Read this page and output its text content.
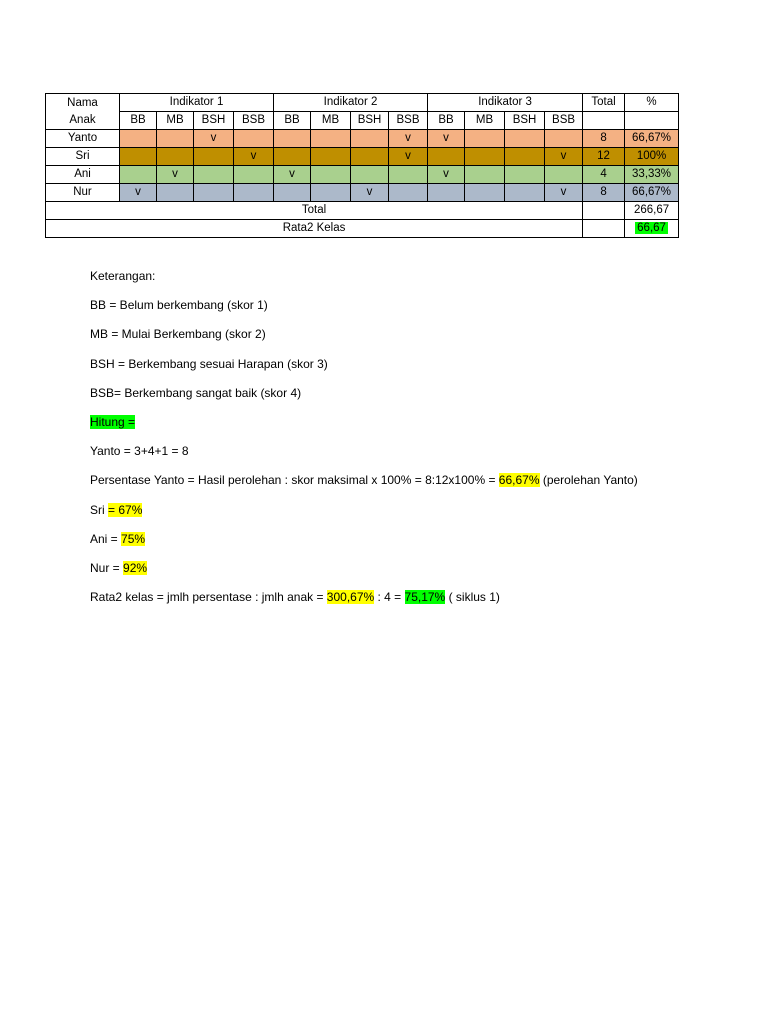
Nama
Anak	Indikator 1				Indikator 2				Indikator 3				Total	%
	BB	MB	BSH	BSB	BB	MB	BSH	BSB	BB	MB	BSH	BSB		
Yanto			v					v	v				8	66,67%
Sri				v				v				v	12	100%
Ani		v			v				v				4	33,33%
Nur	v						v					v	8	66,67%
Total														266,67
Rata2 Kelas														66,67

Keterangan:

BB = Belum berkembang (skor 1)

MB = Mulai Berkembang (skor 2)

BSH = Berkembang sesuai Harapan (skor 3)

BSB= Berkembang sangat baik (skor 4)

Hitung =

Yanto = 3+4+1 = 8

Persentase Yanto = Hasil perolehan : skor maksimal x 100% = 8:12x100% = 66,67% (perolehan Yanto)

Sri = 67%

Ani = 75%

Nur = 92%

Rata2 kelas = jmlh persentase : jmlh anak = 300,67% : 4 = 75,17% ( siklus 1)
